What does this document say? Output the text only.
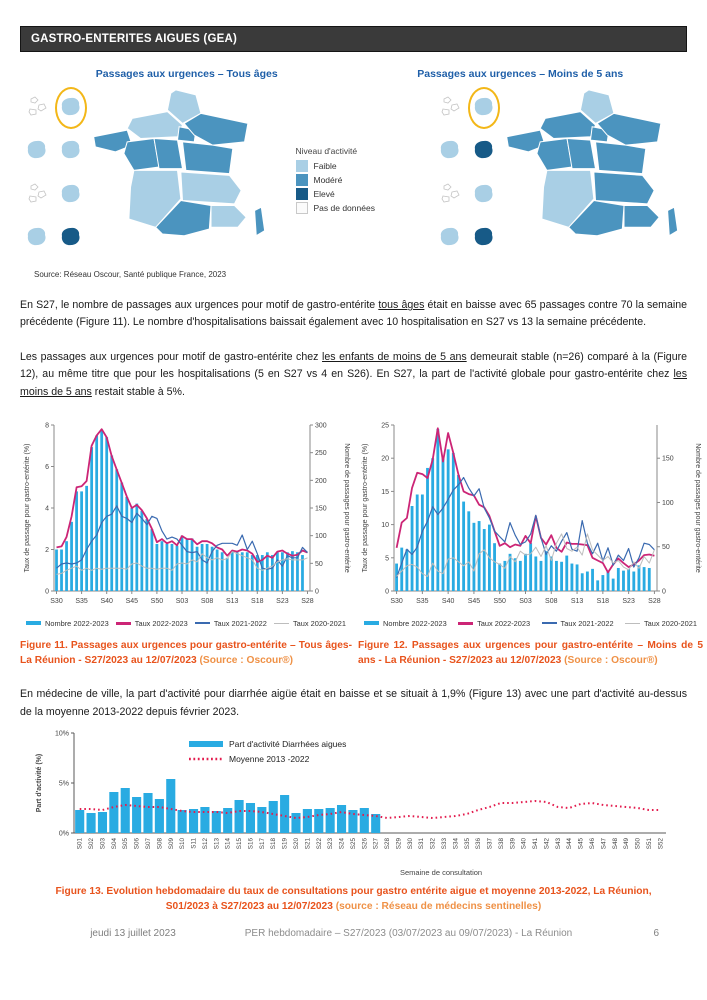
GASTRO-ENTERITES AIGUES (GEA)
Passages aux urgences – Tous âges	Passages aux urgences – Moins de 5 ans
Niveau d'activité
Faible
Modéré
Elevé
Pas de données
Source: Réseau Oscour, Santé publique France, 2023
En S27, le nombre de passages aux urgences pour motif de gastro-entérite tous âges était en baisse avec 65 passages contre 70 la semaine précédente (Figure 11). Le nombre d'hospitalisations baissait également avec 10 hospitalisation en S27 vs 13 la semaine précédente.
Les passages aux urgences pour motif de gastro-entérite chez les enfants de moins de 5 ans demeurait stable (n=26) comparé à la (Figure 12), au même titre que pour les hospitalisations (5 en S27 vs 4 en S26). En S27, la part de l'activité globale pour gastro-entérite chez les moins de 5 ans restait stable à 5%.
0
2
4
6
8
0
50
100
150
200
250
300
Taux de passage pour gastro-entérite (%)	Nombre de passages pour gastro-entérite
S30 S35 S40 S45 S50 S03 S08 S13 S18 S23 S28
Nombre 2022-2023	Taux 2022-2023	Taux 2021-2022	Taux 2020-2021
Figure 11. Passages aux urgences pour gastro-entérite – Tous âges- La Réunion - S27/2023 au 12/07/2023 (Source : Oscour®)
0
5
10
15
20
25
0
50
100
150
Taux de passage pour gastro-entérite (%)	Nombre de passages pour gastro-entérite
S30 S35 S40 S45 S50 S03 S08 S13 S18 S23 S28
Nombre 2022-2023	Taux 2022-2023	Taux 2021-2022	Taux 2020-2021
Figure 12. Passages aux urgences pour gastro-entérite – Moins de 5 ans - La Réunion - S27/2023 au 12/07/2023 (Source : Oscour®)
En médecine de ville, la part d'activité pour diarrhée aigüe était en baisse et se situait à 1,9% (Figure 13) avec une part d'activité au-dessus de la moyenne 2013-2022 depuis février 2023.
0%
5%
10%
Part d'activité (%)
S01 S02 S03 S04 S05 S06 S07 S08 S09 S10 S11 S12 S13 S14 S15 S16 S17 S18 S19 S20 S21 S22 S23 S24 S25 S26 S27 S28 S29 S30 S31 S32 S33 S34 S35 S36 S37 S38 S39 S40 S41 S42 S43 S44 S45 S46 S47 S48 S49 S50 S51 S52
Semaine de consultation
Part d'activité Diarrhées aigues
Moyenne 2013 -2022
Figure 13. Evolution hebdomadaire du taux de consultations pour gastro entérite aigue et moyenne 2013-2022, La Réunion, S01/2023 à S27/2023 au 12/07/2023 (source : Réseau de médecins sentinelles)
jeudi 13 juillet 2023	PER hebdomadaire – S27/2023 (03/07/2023 au 09/07/2023) - La Réunion	6
